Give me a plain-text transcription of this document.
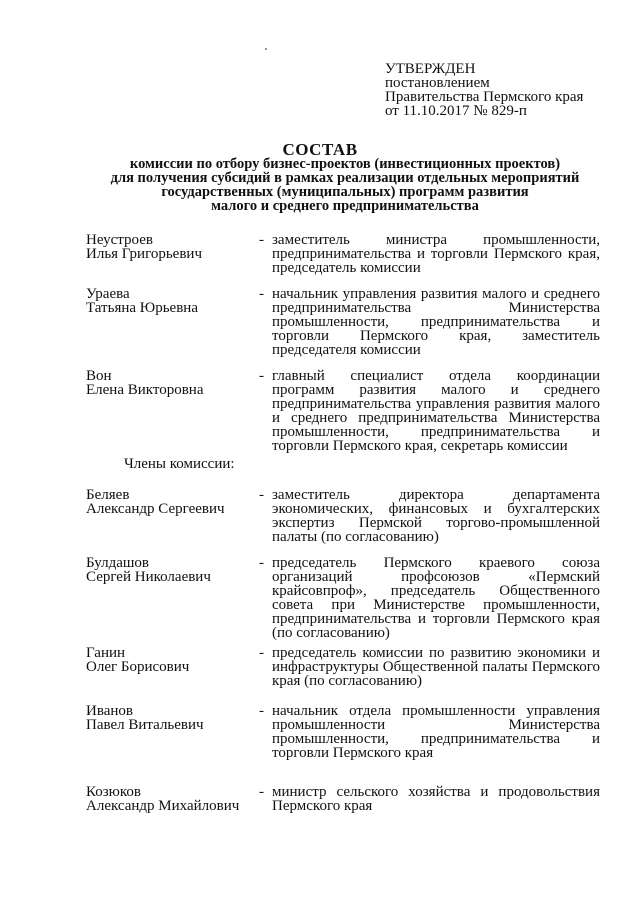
УТВЕРЖДЕН
постановлением
Правительства Пермского края
от 11.10.2017 № 829-п
СОСТАВ
комиссии по отбору бизнес-проектов (инвестиционных проектов)
для получения субсидий в рамках реализации отдельных мероприятий
государственных (муниципальных) программ развития
малого и среднего предпринимательства
Неустроев
Илья Григорьевич
- заместитель министра промышленности, предпринимательства и торговли Пермского края, председатель комиссии
Ураева
Татьяна Юрьевна
- начальник управления развития малого и среднего предпринимательства Министерства промышленности, предпринимательства и торговли Пермского края, заместитель председателя комиссии
Вон
Елена Викторовна
- главный специалист отдела координации программ развития малого и среднего предпринимательства управления развития малого и среднего предпринимательства Министерства промышленности, предпринимательства и торговли Пермского края, секретарь комиссии
Члены комиссии:
Беляев
Александр Сергеевич
- заместитель директора департамента экономических, финансовых и бухгалтерских экспертиз Пермской торгово-промышленной палаты (по согласованию)
Булдашов
Сергей Николаевич
- председатель Пермского краевого союза организаций профсоюзов «Пермский крайсовпроф», председатель Общественного совета при Министерстве промышленности, предпринимательства и торговли Пермского края (по согласованию)
Ганин
Олег Борисович
- председатель комиссии по развитию экономики и инфраструктуры Общественной палаты Пермского края (по согласованию)
Иванов
Павел Витальевич
- начальник отдела промышленности управления промышленности Министерства промышленности, предпринимательства и торговли Пермского края
Козюков
Александр Михайлович
- министр сельского хозяйства и продовольствия Пермского края
